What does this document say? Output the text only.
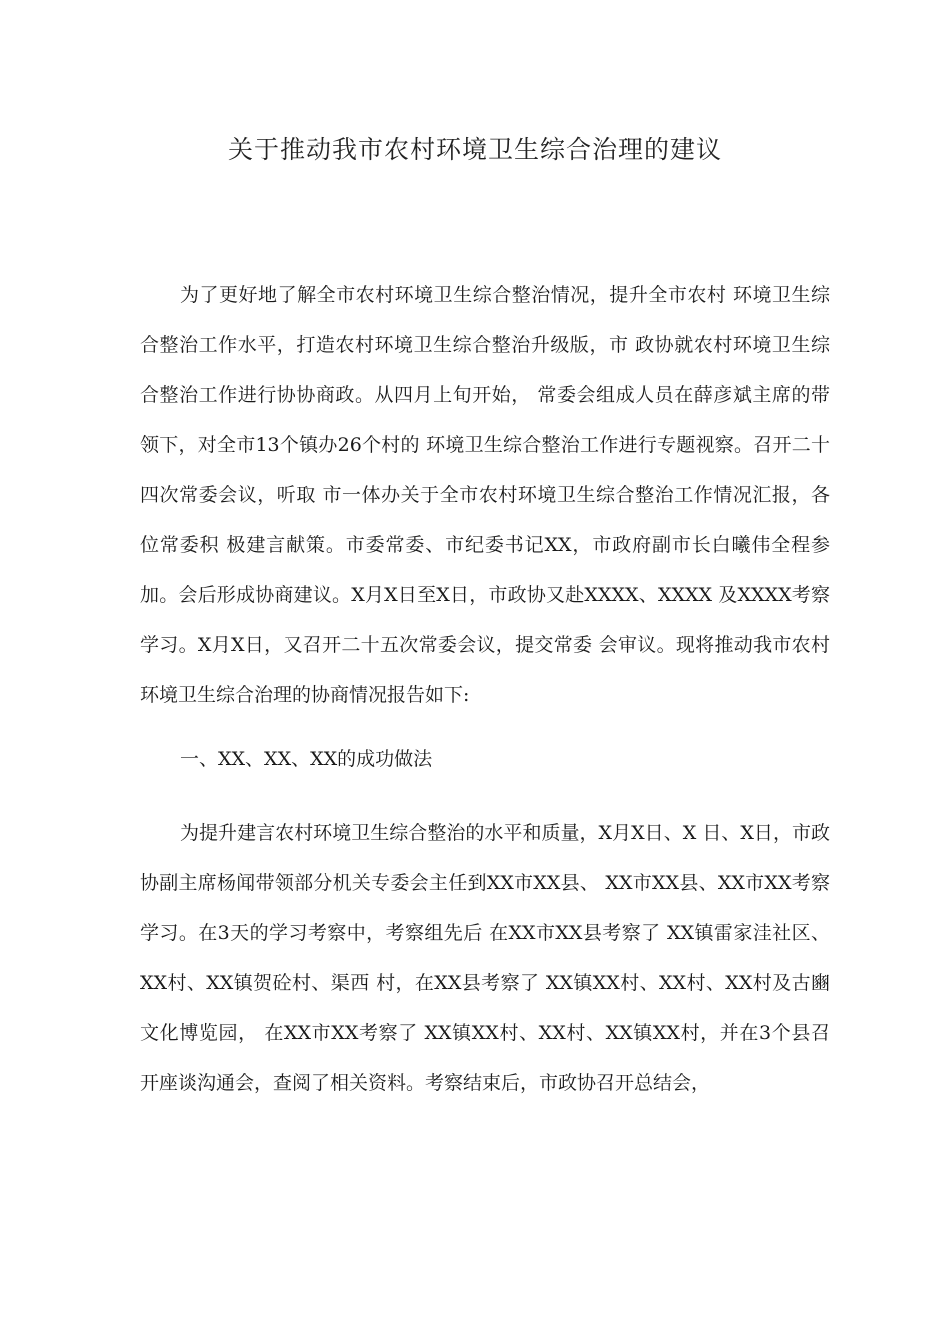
关于推动我市农村环境卫生综合治理的建议

为了更好地了解全市农村环境卫生综合整治情况，提升全市农村 环境卫生综合整治工作水平，打造农村环境卫生综合整治升级版，市 政协就农村环境卫生综合整治工作进行协协商政。从四月上旬开始， 常委会组成人员在薛彦斌主席的带领下，对全市13个镇办26个村的 环境卫生综合整治工作进行专题视察。召开二十四次常委会议，听取 市一体办关于全市农村环境卫生综合整治工作情况汇报，各位常委积 极建言献策。市委常委、市纪委书记XX，市政府副市长白曦伟全程参加。会后形成协商建议。X月X日至X日，市政协又赴XXXX、XXXX 及XXXX考察学习。X月X日，又召开二十五次常委会议，提交常委 会审议。现将推动我市农村环境卫生综合治理的协商情况报告如下:

一、XX、XX、XX的成功做法

为提升建言农村环境卫生综合整治的水平和质量，X月X日、X 日、X日，市政协副主席杨闻带领部分机关专委会主任到XX市XX县、 XX市XX县、XX市XX考察学习。在3天的学习考察中，考察组先后 在XX市XX县考察了 XX镇雷家洼社区、XX村、XX镇贺砼村、渠西 村，在XX县考察了 XX镇XX村、XX村、XX村及古豳文化博览园， 在XX市XX考察了 XX镇XX村、XX村、XX镇XX村，并在3个县召 开座谈沟通会，查阅了相关资料。考察结束后，市政协召开总结会，
